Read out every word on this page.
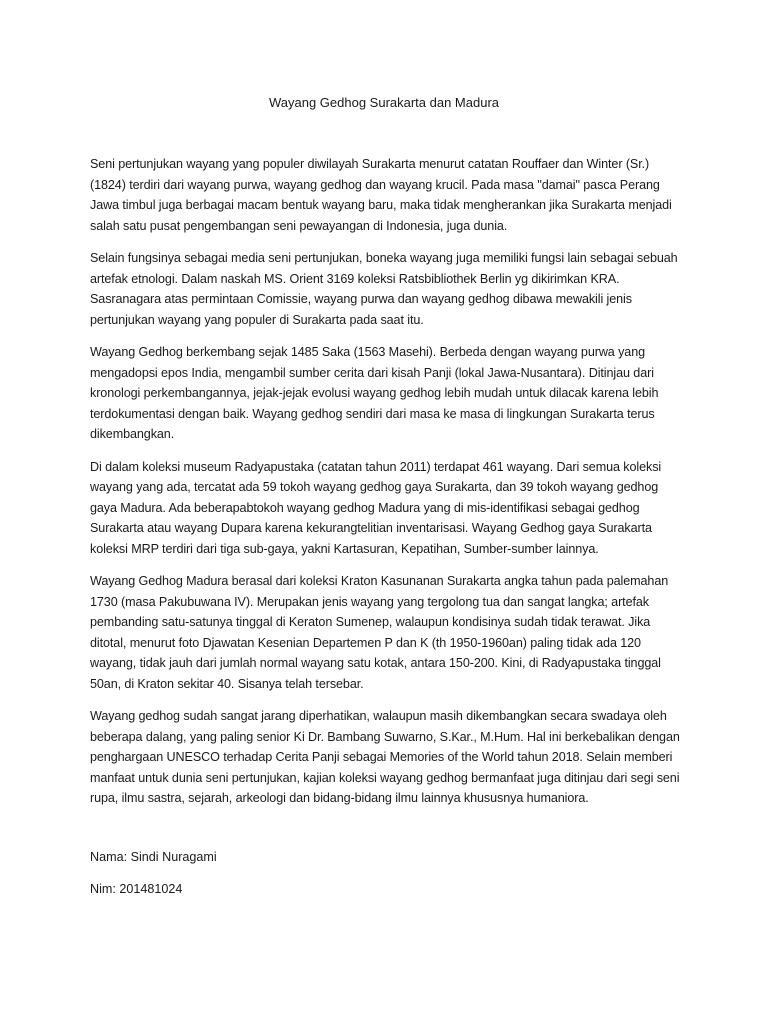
Wayang Gedhog Surakarta dan Madura

Seni pertunjukan wayang yang populer diwilayah Surakarta menurut catatan Rouffaer dan Winter (Sr.) (1824) terdiri dari wayang purwa, wayang gedhog dan wayang krucil. Pada masa "damai" pasca Perang Jawa timbul juga berbagai macam bentuk wayang baru, maka tidak mengherankan jika Surakarta menjadi salah satu pusat pengembangan seni pewayangan di Indonesia, juga dunia.

Selain fungsinya sebagai media seni pertunjukan, boneka wayang juga memiliki fungsi lain sebagai sebuah artefak etnologi. Dalam naskah MS. Orient 3169 koleksi Ratsbibliothek Berlin yg dikirimkan KRA. Sasranagara atas permintaan Comissie, wayang purwa dan wayang gedhog dibawa mewakili jenis pertunjukan wayang yang populer di Surakarta pada saat itu.

Wayang Gedhog berkembang sejak 1485 Saka (1563 Masehi). Berbeda dengan wayang purwa yang mengadopsi epos India, mengambil sumber cerita dari kisah Panji (lokal Jawa-Nusantara). Ditinjau dari kronologi perkembangannya, jejak-jejak evolusi wayang gedhog lebih mudah untuk dilacak karena lebih terdokumentasi dengan baik. Wayang gedhog sendiri dari masa ke masa di lingkungan Surakarta terus dikembangkan.

Di dalam koleksi museum Radyapustaka (catatan tahun 2011) terdapat 461 wayang. Dari semua koleksi wayang yang ada, tercatat ada 59 tokoh wayang gedhog gaya Surakarta, dan 39 tokoh wayang gedhog gaya Madura. Ada beberapabtokoh wayang gedhog Madura yang di mis-identifikasi sebagai gedhog Surakarta atau wayang Dupara karena kekurangtelitian inventarisasi. Wayang Gedhog gaya Surakarta koleksi MRP terdiri dari tiga sub-gaya, yakni Kartasuran, Kepatihan, Sumber-sumber lainnya.

Wayang Gedhog Madura berasal dari koleksi Kraton Kasunanan Surakarta angka tahun pada palemahan 1730 (masa Pakubuwana IV). Merupakan jenis wayang yang tergolong tua dan sangat langka; artefak pembanding satu-satunya tinggal di Keraton Sumenep, walaupun kondisinya sudah tidak terawat. Jika ditotal, menurut foto Djawatan Kesenian Departemen P dan K (th 1950-1960an) paling tidak ada 120 wayang, tidak jauh dari jumlah normal wayang satu kotak, antara 150-200. Kini, di Radyapustaka tinggal 50an, di Kraton sekitar 40. Sisanya telah tersebar.

Wayang gedhog sudah sangat jarang diperhatikan, walaupun masih dikembangkan secara swadaya oleh beberapa dalang, yang paling senior Ki Dr. Bambang Suwarno, S.Kar., M.Hum. Hal ini berkebalikan dengan penghargaan UNESCO terhadap Cerita Panji sebagai Memories of the World tahun 2018. Selain memberi manfaat untuk dunia seni pertunjukan, kajian koleksi wayang gedhog bermanfaat juga ditinjau dari segi seni rupa, ilmu sastra, sejarah, arkeologi dan bidang-bidang ilmu lainnya khususnya humaniora.

Nama: Sindi Nuragami

Nim: 201481024
